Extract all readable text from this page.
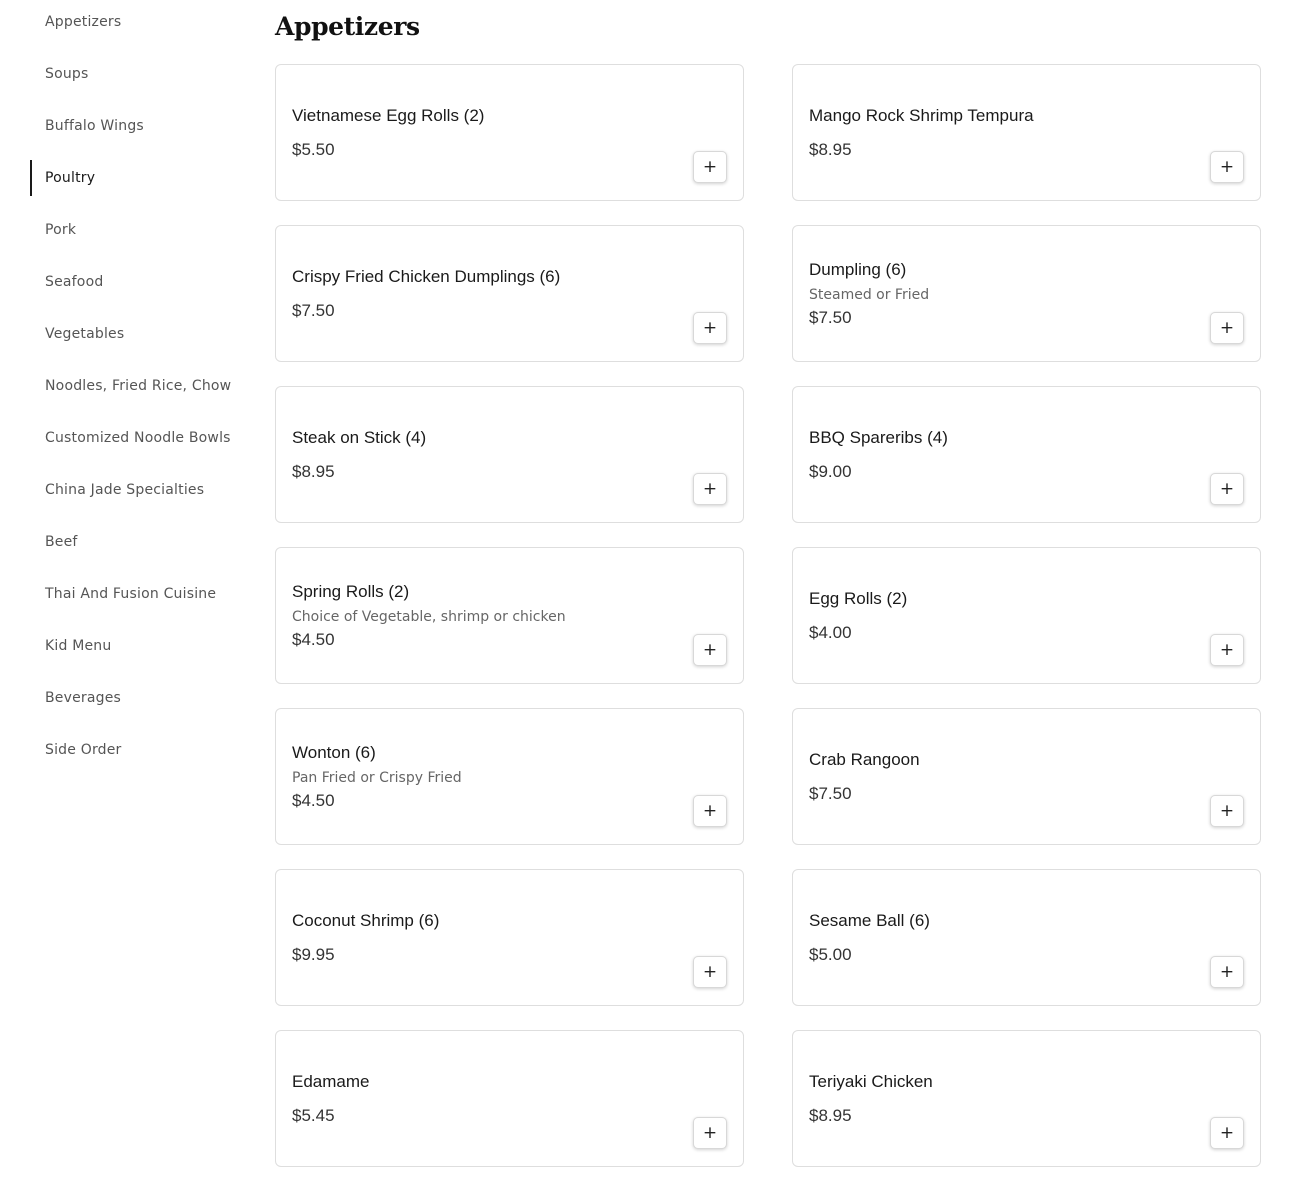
Appetizers
Soups
Buffalo Wings
Poultry
Pork
Seafood
Vegetables
Noodles, Fried Rice, Chow
Customized Noodle Bowls
China Jade Specialties
Beef
Thai And Fusion Cuisine
Kid Menu
Beverages
Side Order
Appetizers
Vietnamese Egg Rolls (2)
$5.50
+
Mango Rock Shrimp Tempura
$8.95
+
Crispy Fried Chicken Dumplings (6)
$7.50
+
Dumpling (6)
Steamed or Fried
$7.50
+
Steak on Stick (4)
$8.95
+
BBQ Spareribs (4)
$9.00
+
Spring Rolls (2)
Choice of Vegetable, shrimp or chicken
$4.50
+
Egg Rolls (2)
$4.00
+
Wonton (6)
Pan Fried or Crispy Fried
$4.50
+
Crab Rangoon
$7.50
+
Coconut Shrimp (6)
$9.95
+
Sesame Ball (6)
$5.00
+
Edamame
$5.45
+
Teriyaki Chicken
$8.95
+
